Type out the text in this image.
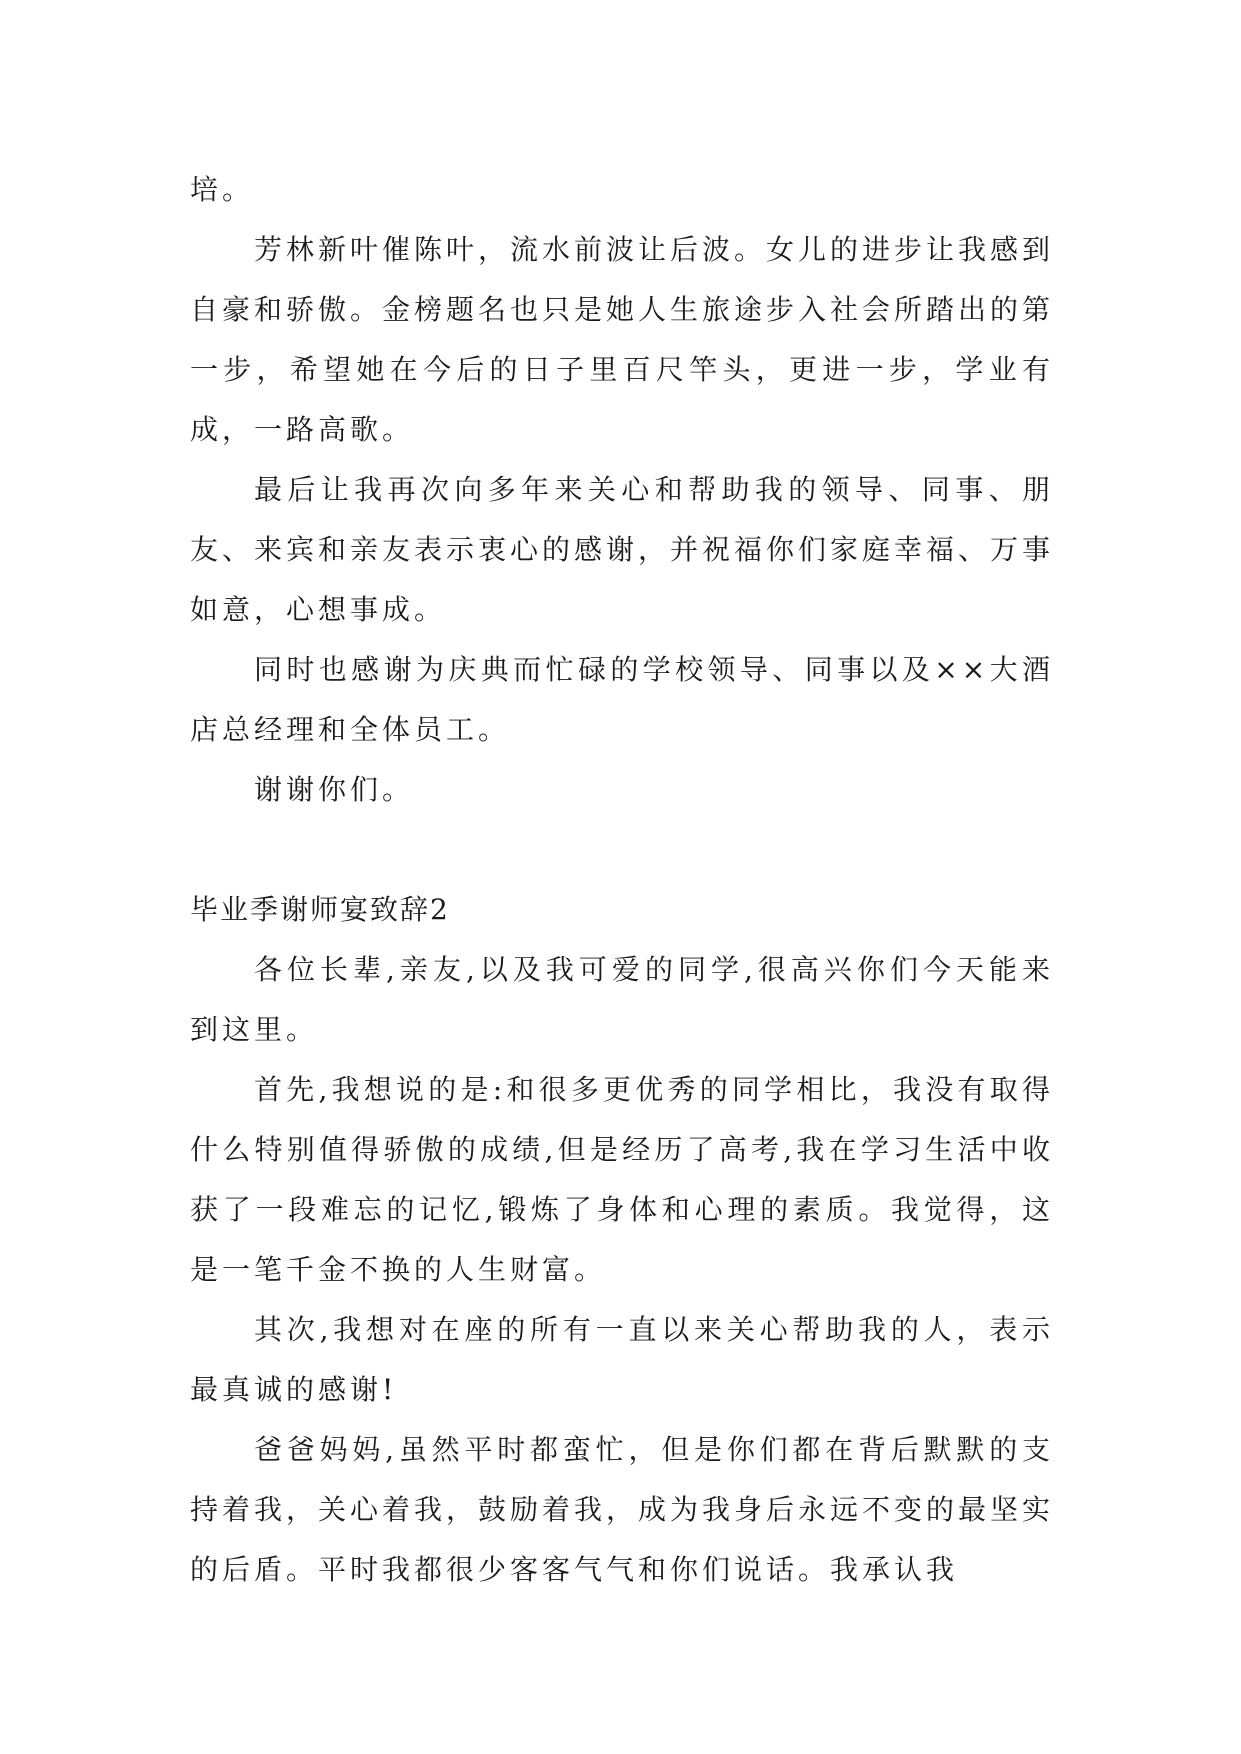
培。

芳林新叶催陈叶，流水前波让后波。女儿的进步让我感到自豪和骄傲。金榜题名也只是她人生旅途步入社会所踏出的第一步，希望她在今后的日子里百尺竿头，更进一步，学业有成，一路高歌。

最后让我再次向多年来关心和帮助我的领导、同事、朋友、来宾和亲友表示衷心的感谢，并祝福你们家庭幸福、万事如意，心想事成。

同时也感谢为庆典而忙碌的学校领导、同事以及××大酒店总经理和全体员工。

谢谢你们。

毕业季谢师宴致辞2

各位长辈,亲友,以及我可爱的同学,很高兴你们今天能来到这里。

首先,我想说的是:和很多更优秀的同学相比，我没有取得什么特别值得骄傲的成绩,但是经历了高考,我在学习生活中收获了一段难忘的记忆,锻炼了身体和心理的素质。我觉得，这是一笔千金不换的人生财富。

其次,我想对在座的所有一直以来关心帮助我的人，表示最真诚的感谢!

爸爸妈妈,虽然平时都蛮忙，但是你们都在背后默默的支持着我，关心着我，鼓励着我，成为我身后永远不变的最坚实的后盾。平时我都很少客客气气和你们说话。我承认我
